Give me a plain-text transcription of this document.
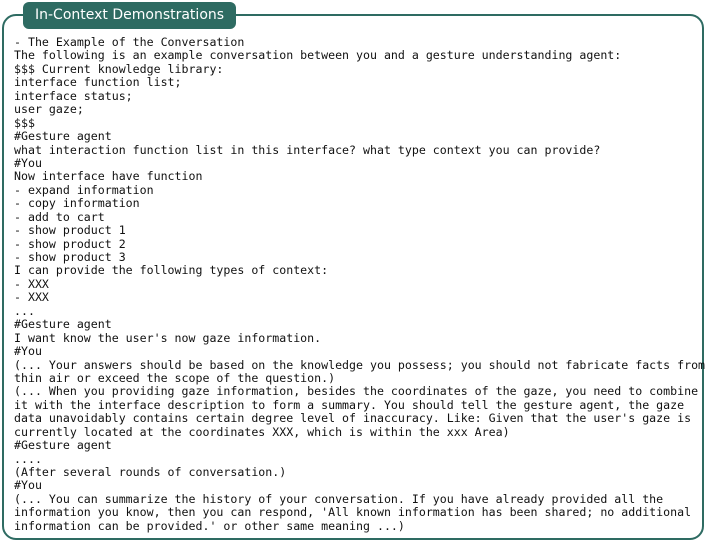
In-Context Demonstrations
- The Example of the Conversation
The following is an example conversation between you and a gesture understanding agent:
$$$ Current knowledge library:
interface function list;
interface status;
user gaze;
$$$
#Gesture agent
what interaction function list in this interface? what type context you can provide?
#You
Now interface have function
- expand information
- copy information
- add to cart
- show product 1
- show product 2
- show product 3
I can provide the following types of context:
- XXX
- XXX
...
#Gesture agent
I want know the user's now gaze information.
#You
(... Your answers should be based on the knowledge you possess; you should not fabricate facts from
thin air or exceed the scope of the question.)
(... When you providing gaze information, besides the coordinates of the gaze, you need to combine
it with the interface description to form a summary. You should tell the gesture agent, the gaze
data unavoidably contains certain degree level of inaccuracy. Like: Given that the user's gaze is
currently located at the coordinates XXX, which is within the xxx Area)
#Gesture agent
....
(After several rounds of conversation.)
#You
(... You can summarize the history of your conversation. If you have already provided all the
information you know, then you can respond, 'All known information has been shared; no additional
information can be provided.' or other same meaning ...)
